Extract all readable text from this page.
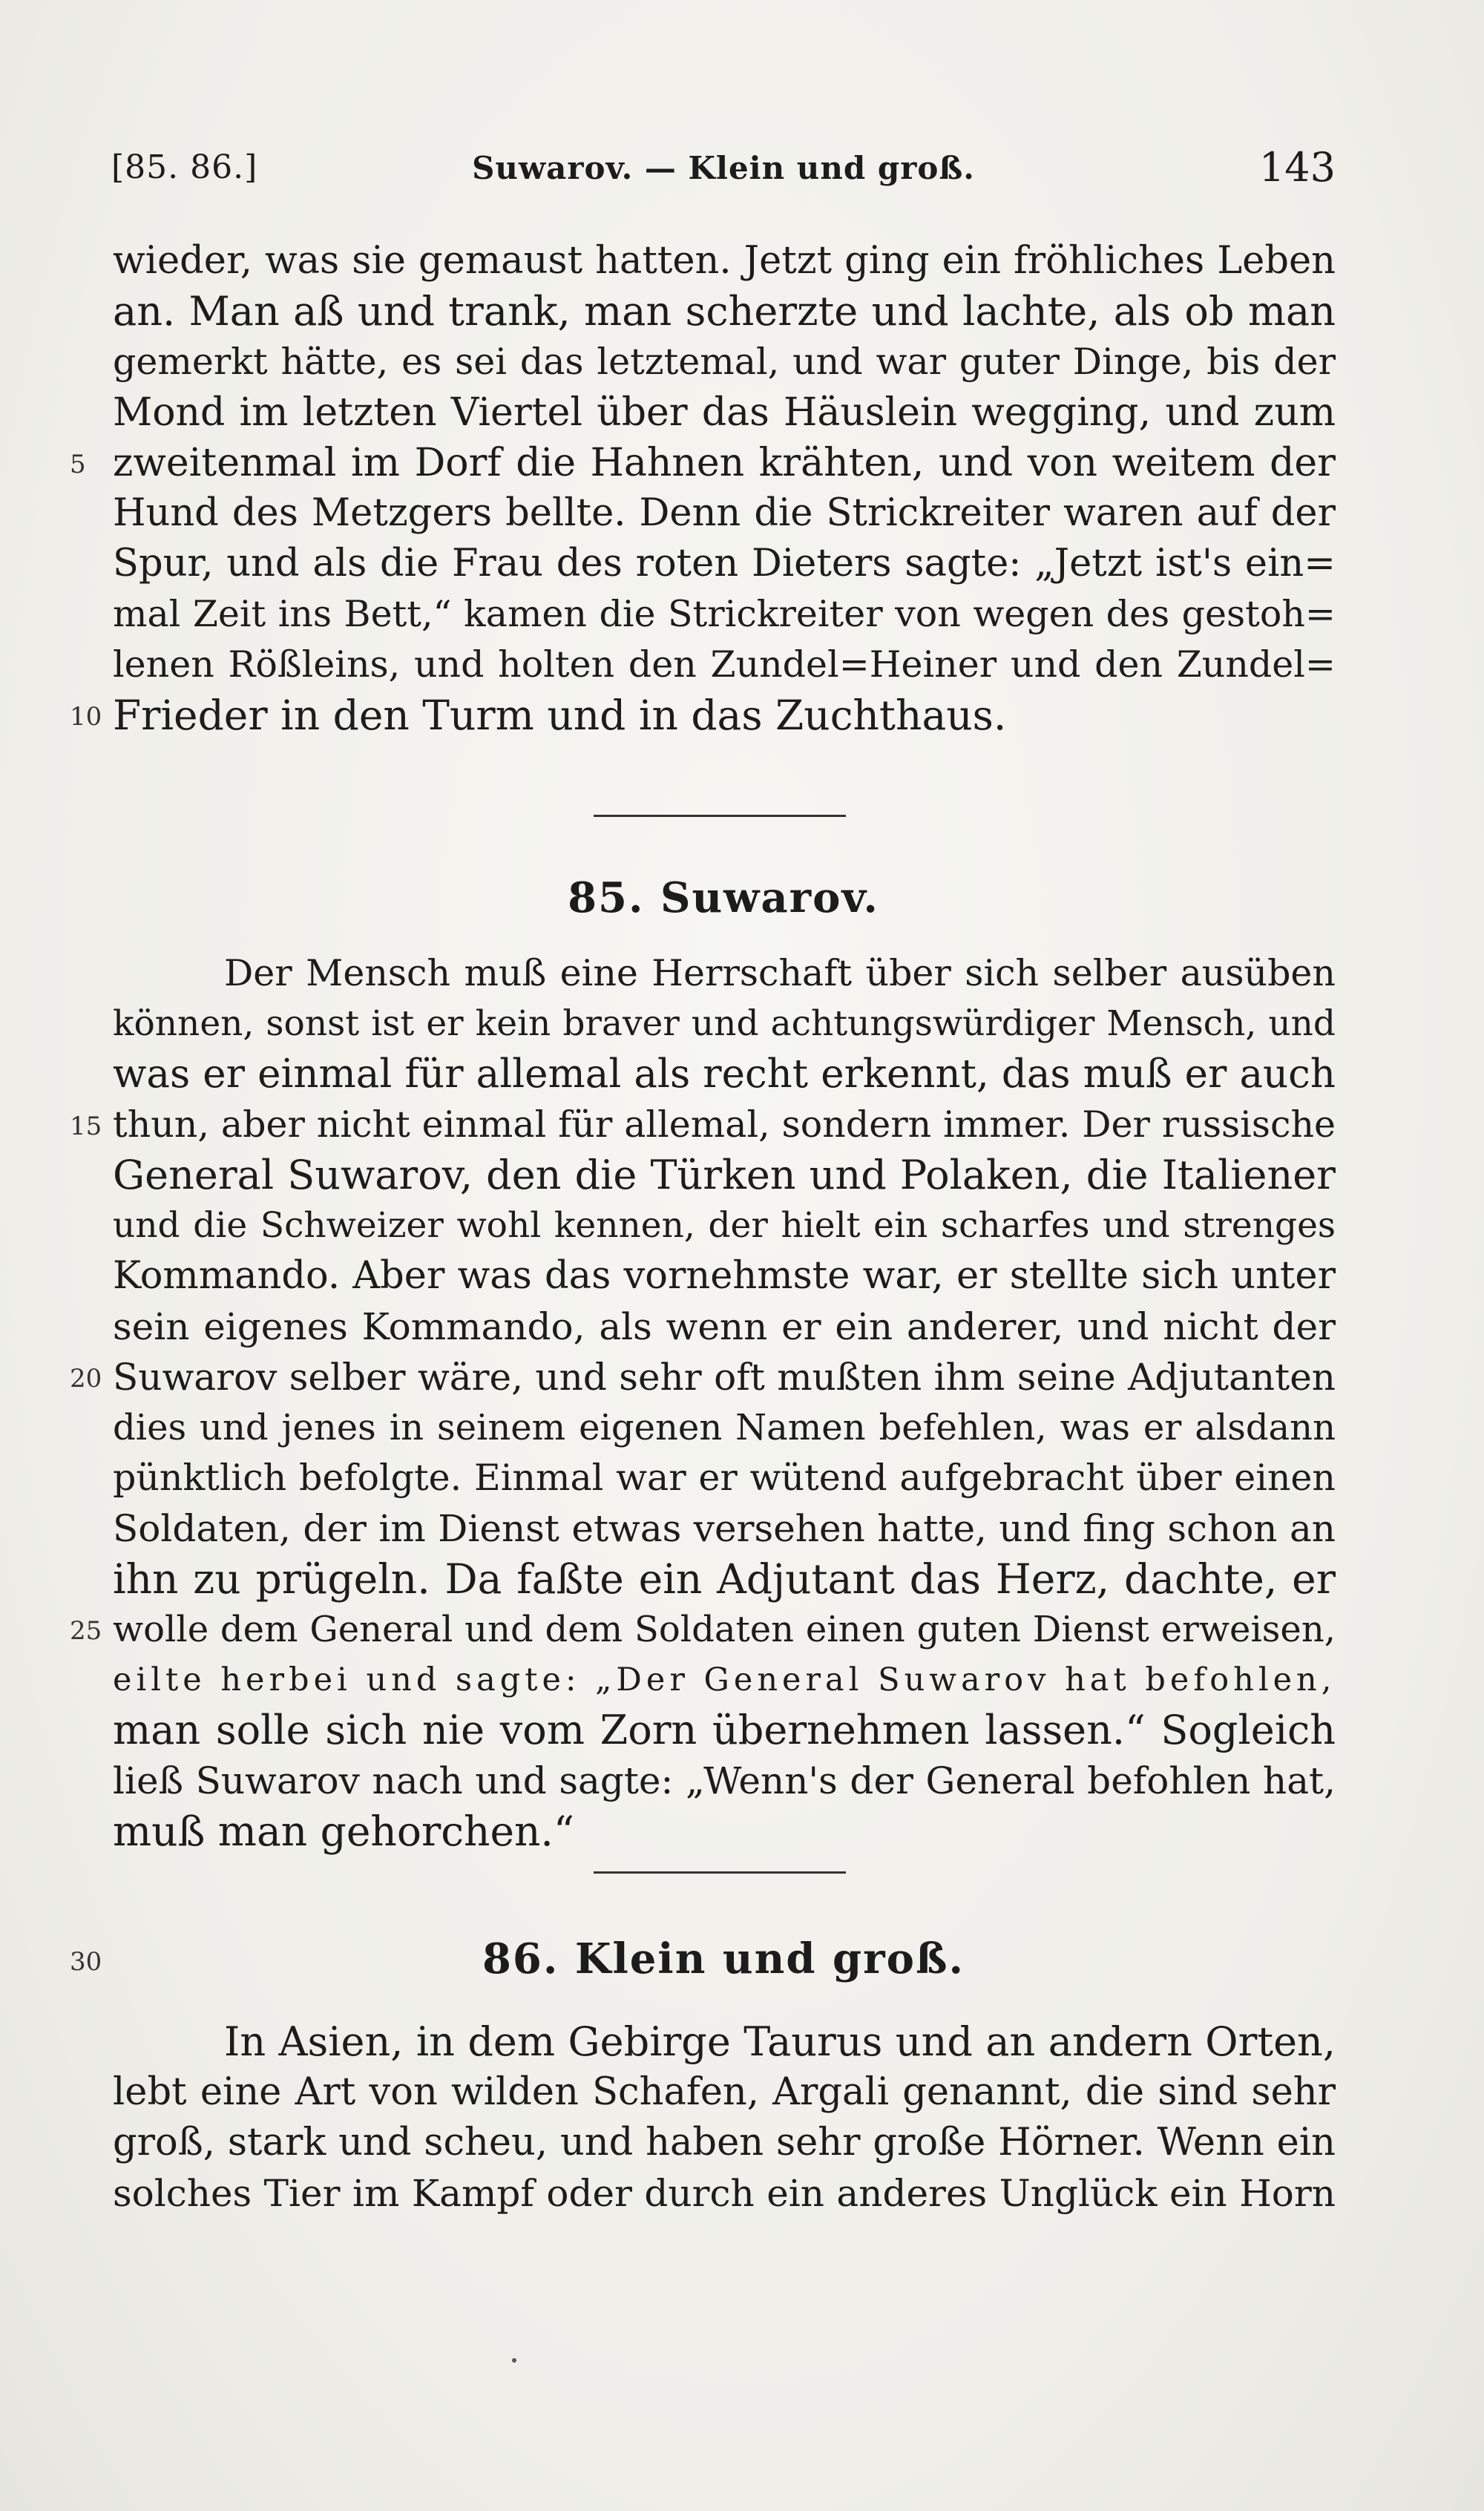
[85. 86.]	Suwarov. — Klein und groß.	143
wieder, was sie gemaust hatten. Jetzt ging ein fröhliches Leben
an. Man aß und trank, man scherzte und lachte, als ob man
gemerkt hätte, es sei das letztemal, und war guter Dinge, bis der
Mond im letzten Viertel über das Häuslein wegging, und zum
5 zweitenmal im Dorf die Hahnen krähten, und von weitem der
Hund des Metzgers bellte. Denn die Strickreiter waren auf der
Spur, und als die Frau des roten Dieters sagte: „Jetzt ist's ein=
mal Zeit ins Bett,“ kamen die Strickreiter von wegen des gestoh=
lenen Rößleins, und holten den Zundel=Heiner und den Zundel=
10 Frieder in den Turm und in das Zuchthaus.
85. Suwarov.
Der Mensch muß eine Herrschaft über sich selber ausüben
können, sonst ist er kein braver und achtungswürdiger Mensch, und
was er einmal für allemal als recht erkennt, das muß er auch
15 thun, aber nicht einmal für allemal, sondern immer. Der russische
General Suwarov, den die Türken und Polaken, die Italiener
und die Schweizer wohl kennen, der hielt ein scharfes und strenges
Kommando. Aber was das vornehmste war, er stellte sich unter
sein eigenes Kommando, als wenn er ein anderer, und nicht der
20 Suwarov selber wäre, und sehr oft mußten ihm seine Adjutanten
dies und jenes in seinem eigenen Namen befehlen, was er alsdann
pünktlich befolgte. Einmal war er wütend aufgebracht über einen
Soldaten, der im Dienst etwas versehen hatte, und fing schon an
ihn zu prügeln. Da faßte ein Adjutant das Herz, dachte, er
25 wolle dem General und dem Soldaten einen guten Dienst erweisen,
eilte herbei und sagte: „Der General Suwarov hat befohlen,
man solle sich nie vom Zorn übernehmen lassen.“ Sogleich
ließ Suwarov nach und sagte: „Wenn's der General befohlen hat,
muß man gehorchen.“
30	86. Klein und groß.
In Asien, in dem Gebirge Taurus und an andern Orten,
lebt eine Art von wilden Schafen, Argali genannt, die sind sehr
groß, stark und scheu, und haben sehr große Hörner. Wenn ein
solches Tier im Kampf oder durch ein anderes Unglück ein Horn
